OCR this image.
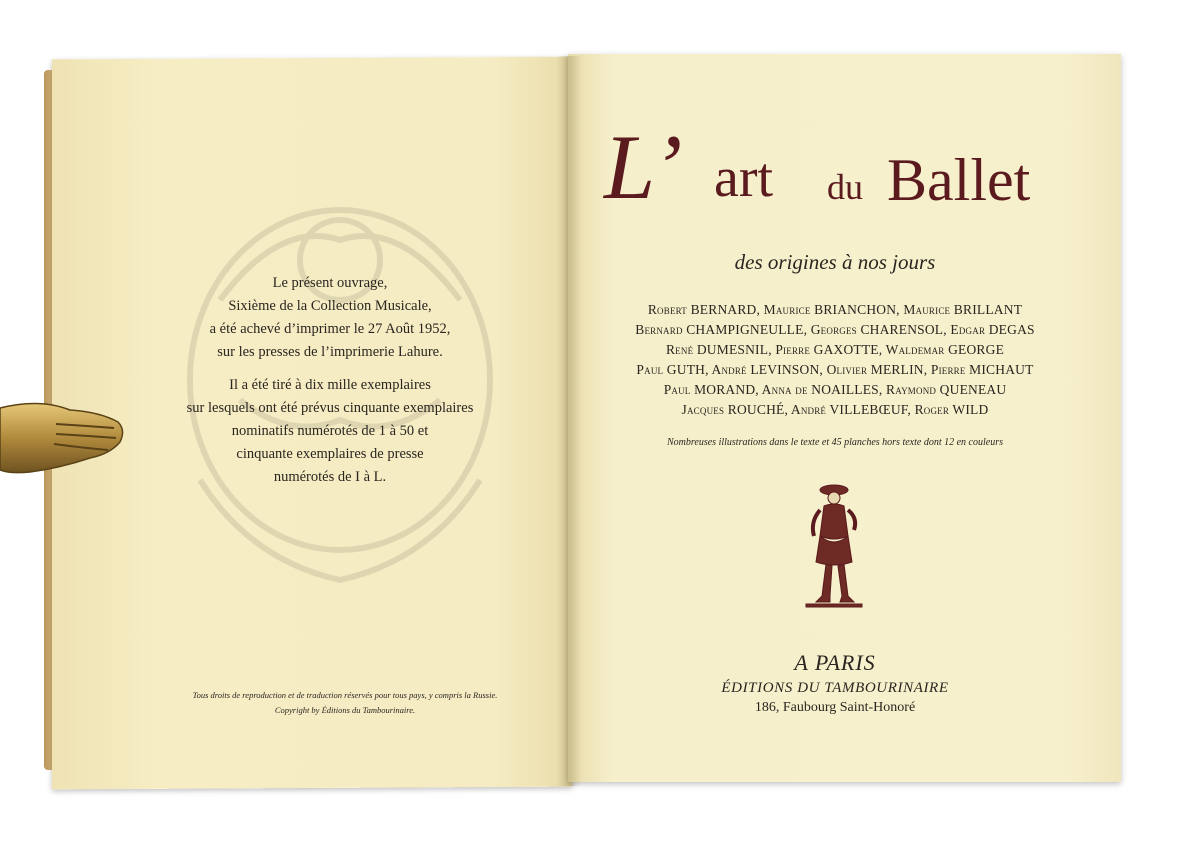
Le présent ouvrage,
Sixième de la Collection Musicale,
a été achevé d’imprimer le 27 Août 1952,
sur les presses de l’imprimerie Lahure.

Il a été tiré à dix mille exemplaires
sur lesquels ont été prévus cinquante exemplaires
nominatifs numérotés de 1 à 50 et
cinquante exemplaires de presse
numérotés de I à L.

Tous droits de reproduction et de traduction réservés pour tous pays, y compris la Russie.
Copyright by Éditions du Tambourinaire.
L’ art du Ballet
des origines à nos jours
Robert BERNARD, Maurice BRIANCHON, Maurice BRILLANT
Bernard CHAMPIGNEULLE, Georges CHARENSOL, Edgar DEGAS
René DUMESNIL, Pierre GAXOTTE, Waldemar GEORGE
Paul GUTH, André LEVINSON, Olivier MERLIN, Pierre MICHAUT
Paul MORAND, Anna de NOAILLES, Raymond QUENEAU
Jacques ROUCHÉ, André VILLEBŒUF, Roger WILD
Nombreuses illustrations dans le texte et 45 planches hors texte dont 12 en couleurs
A PARIS
ÉDITIONS DU TAMBOURINAIRE
186, Faubourg Saint-Honoré
